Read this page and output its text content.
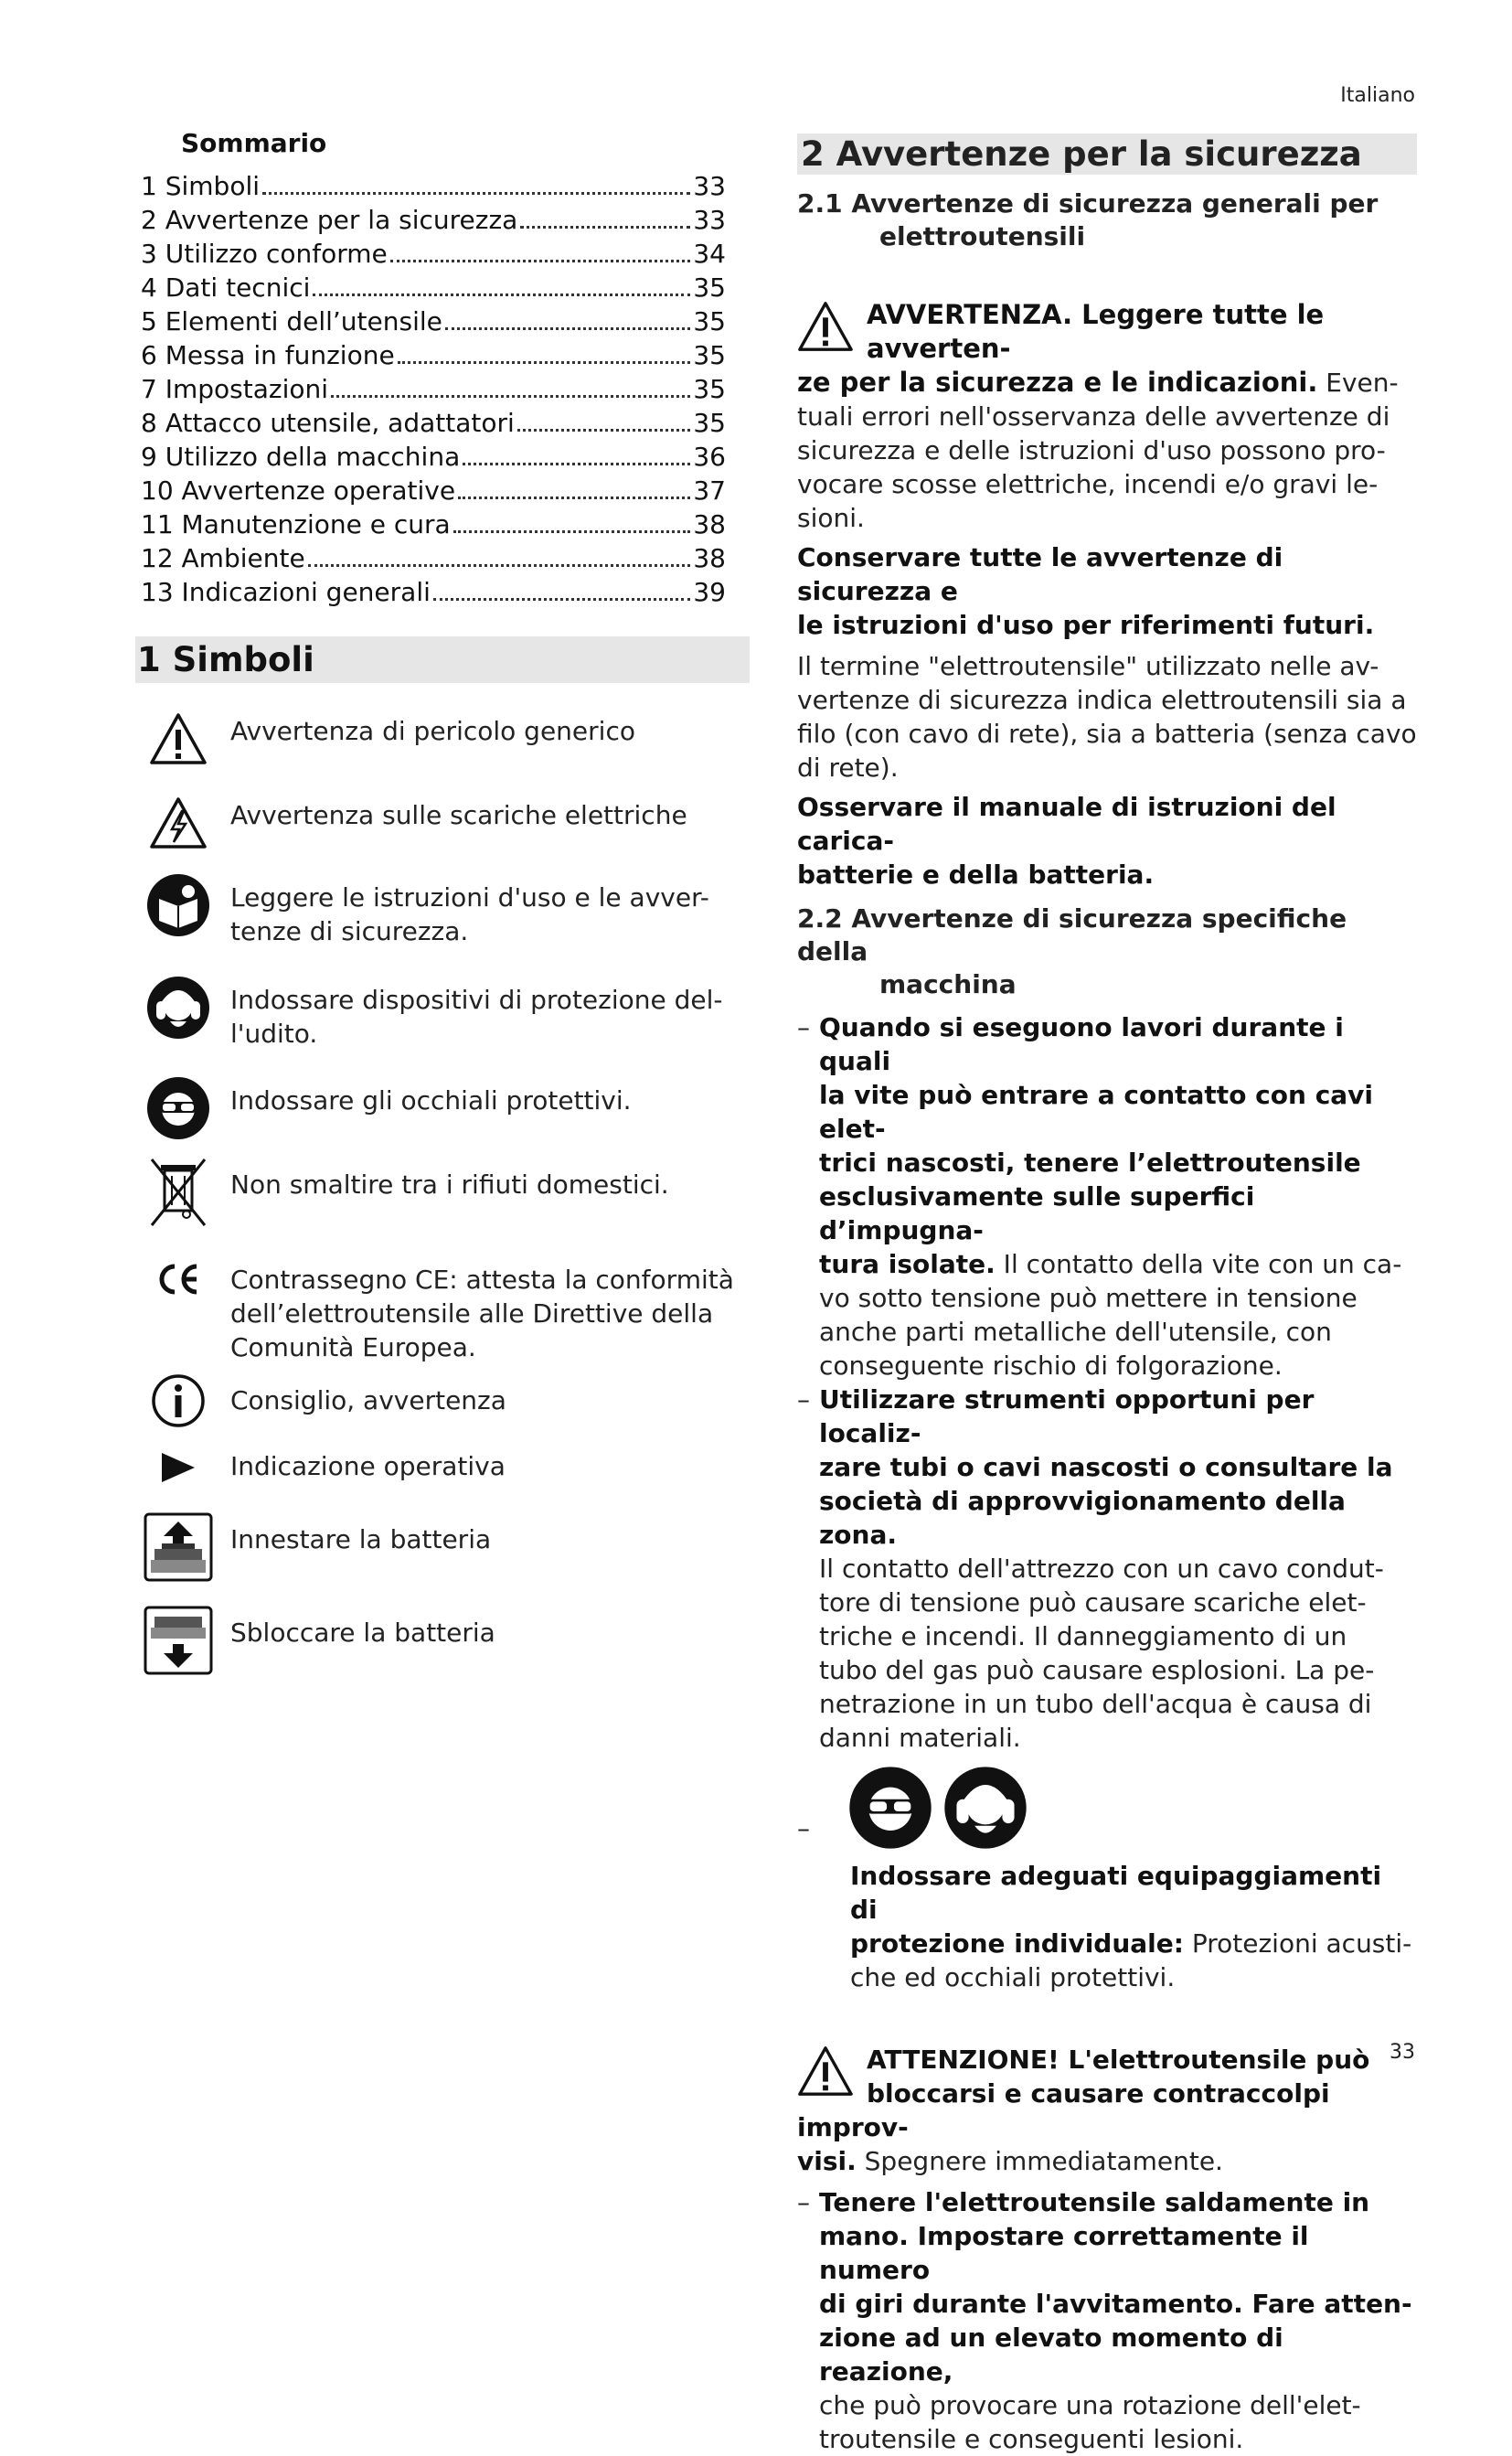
Italiano
Sommario
1 Simboli	33
2 Avvertenze per la sicurezza	33
3 Utilizzo conforme	34
4 Dati tecnici	35
5 Elementi dell’utensile	35
6 Messa in funzione	35
7 Impostazioni	35
8 Attacco utensile, adattatori	35
9 Utilizzo della macchina	36
10 Avvertenze operative	37
11 Manutenzione e cura	38
12 Ambiente	38
13 Indicazioni generali	39
1 Simboli
Avvertenza di pericolo generico
Avvertenza sulle scariche elettriche
Leggere le istruzioni d'uso e le avver-
tenze di sicurezza.
Indossare dispositivi di protezione del-
l'udito.
Indossare gli occhiali protettivi.
Non smaltire tra i rifiuti domestici.
Contrassegno CE: attesta la conformità
dell’elettroutensile alle Direttive della
Comunità Europea.
Consiglio, avvertenza
Indicazione operativa
Innestare la batteria
Sbloccare la batteria
2 Avvertenze per la sicurezza
2.1 Avvertenze di sicurezza generali per
elettroutensili

AVVERTENZA. Leggere tutte le avverten-
ze per la sicurezza e le indicazioni. Even-
tuali errori nell'osservanza delle avvertenze di
sicurezza e delle istruzioni d'uso possono pro-
vocare scosse elettriche, incendi e/o gravi le-
sioni.

Conservare tutte le avvertenze di sicurezza e
le istruzioni d'uso per riferimenti futuri.

Il termine "elettroutensile" utilizzato nelle av-
vertenze di sicurezza indica elettroutensili sia a
filo (con cavo di rete), sia a batteria (senza cavo
di rete).

Osservare il manuale di istruzioni del carica-
batterie e della batteria.

2.2 Avvertenze di sicurezza specifiche della
macchina
– Quando si eseguono lavori durante i quali
la vite può entrare a contatto con cavi elet-
trici nascosti, tenere l’elettroutensile
esclusivamente sulle superfici d’impugna-
tura isolate. Il contatto della vite con un ca-
vo sotto tensione può mettere in tensione
anche parti metalliche dell'utensile, con
conseguente rischio di folgorazione.
– Utilizzare strumenti opportuni per localiz-
zare tubi o cavi nascosti o consultare la
società di approvvigionamento della zona.
Il contatto dell'attrezzo con un cavo condut-
tore di tensione può causare scariche elet-
triche e incendi. Il danneggiamento di un
tubo del gas può causare esplosioni. La pe-
netrazione in un tubo dell'acqua è causa di
danni materiali.
–
Indossare adeguati equipaggiamenti di
protezione individuale: Protezioni acusti-
che ed occhiali protettivi.

ATTENZIONE! L'elettroutensile può
bloccarsi e causare contraccolpi improv-
visi. Spegnere immediatamente.

– Tenere l'elettroutensile saldamente in
mano. Impostare correttamente il numero
di giri durante l'avvitamento. Fare atten-
zione ad un elevato momento di reazione,
che può provocare una rotazione dell'elet-
troutensile e conseguenti lesioni.
33
